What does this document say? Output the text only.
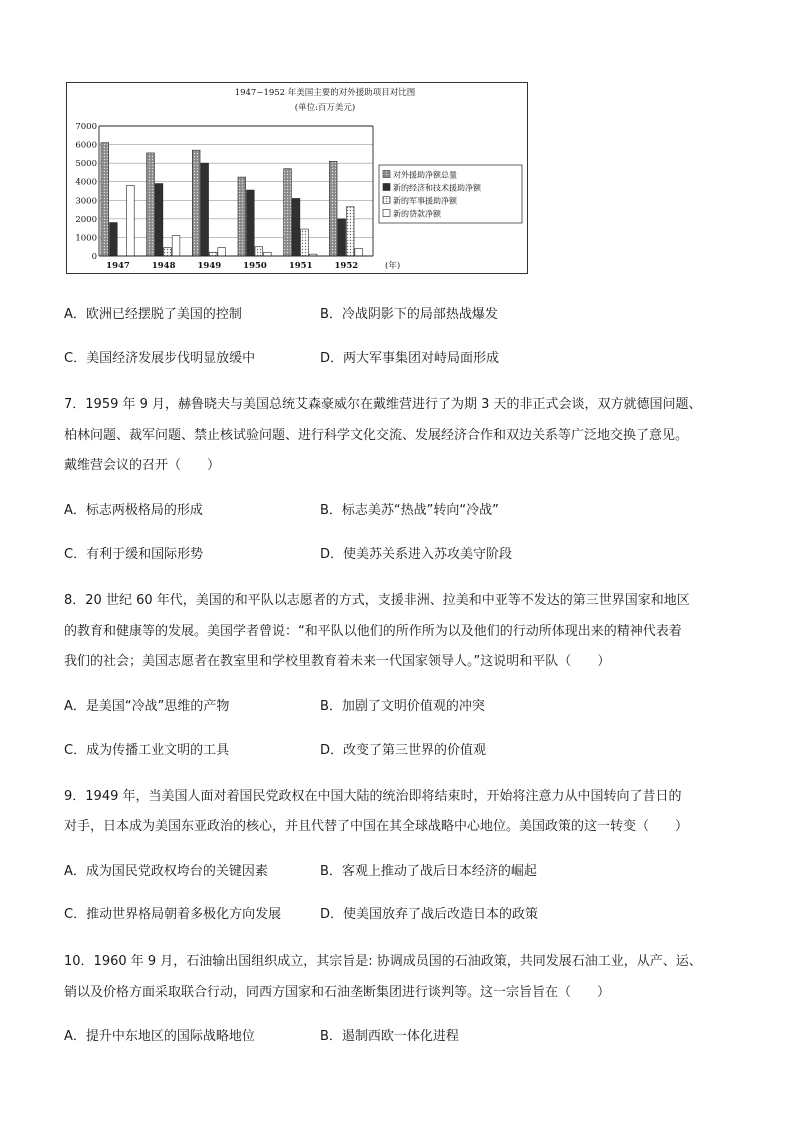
1947~1952 年美国主要的对外援助项目对比图
(单位:百万美元)
0
1000
2000
3000
4000
5000
6000
7000
1947	1948	1949	1950	1951	1952	(年)
对外援助净额总量
新的经济和技术援助净额
新的军事援助净额
新的贷款净额
A．欧洲已经摆脱了美国的控制	B．冷战阴影下的局部热战爆发
C．美国经济发展步伐明显放缓中	D．两大军事集团对峙局面形成
7．1959 年 9 月，赫鲁晓夫与美国总统艾森豪威尔在戴维营进行了为期 3 天的非正式会谈，双方就德国问题、
柏林问题、裁军问题、禁止核试验问题、进行科学文化交流、发展经济合作和双边关系等广泛地交换了意见。
戴维营会议的召开（　　）
A．标志两极格局的形成	B．标志美苏“热战”转向“冷战”
C．有利于缓和国际形势	D．使美苏关系进入苏攻美守阶段
8．20 世纪 60 年代，美国的和平队以志愿者的方式，支援非洲、拉美和中亚等不发达的第三世界国家和地区
的教育和健康等的发展。美国学者曾说：“和平队以他们的所作所为以及他们的行动所体现出来的精神代表着
我们的社会；美国志愿者在教室里和学校里教育着未来一代国家领导人。”这说明和平队（　　）
A．是美国“冷战”思维的产物	B．加剧了文明价值观的冲突
C．成为传播工业文明的工具	D．改变了第三世界的价值观
9．1949 年，当美国人面对着国民党政权在中国大陆的统治即将结束时，开始将注意力从中国转向了昔日的
对手，日本成为美国东亚政治的核心，并且代替了中国在其全球战略中心地位。美国政策的这一转变（　　）
A．成为国民党政权垮台的关键因素	B．客观上推动了战后日本经济的崛起
C．推动世界格局朝着多极化方向发展	D．使美国放弃了战后改造日本的政策
10．1960 年 9 月，石油输出国组织成立，其宗旨是: 协调成员国的石油政策，共同发展石油工业，从产、运、
销以及价格方面采取联合行动，同西方国家和石油垄断集团进行谈判等。这一宗旨旨在（　　）
A．提升中东地区的国际战略地位	B．遏制西欧一体化进程
